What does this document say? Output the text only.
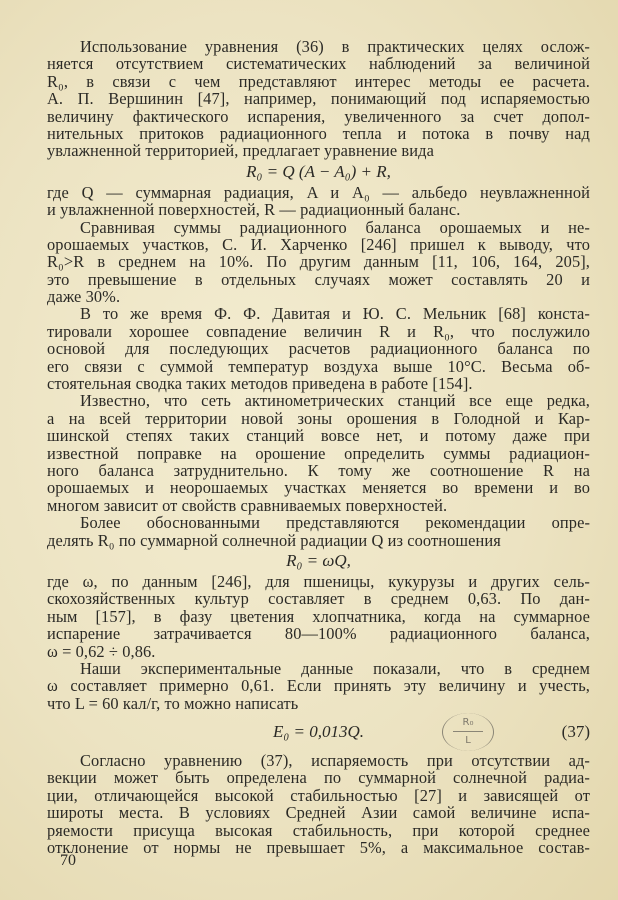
Использование уравнения (36) в практических целях ослож-
няется отсутствием систематических наблюдений за величиной
R₀, в связи с чем представляют интерес методы ее расчета.
А. П. Вершинин [47], например, понимающий под испаряемостью
величину фактического испарения, увеличенного за счет допол-
нительных притоков радиационного тепла и потока в почву над
увлажненной территорией, предлагает уравнение вида
R₀ = Q (A − A₀) + R,
где Q — суммарная радиация, A и A₀ — альбедо неувлажненной
и увлажненной поверхностей, R — радиационный баланс.
Сравнивая суммы радиационного баланса орошаемых и не-
орошаемых участков, С. И. Харченко [246] пришел к выводу, что
R₀>R в среднем на 10%. По другим данным [11, 106, 164, 205],
это превышение в отдельных случаях может составлять 20 и
даже 30%.
В то же время Ф. Ф. Давитая и Ю. С. Мельник [68] конста-
тировали хорошее совпадение величин R и R₀, что послужило
основой для последующих расчетов радиационного баланса по
его связи с суммой температур воздуха выше 10°С. Весьма об-
стоятельная сводка таких методов приведена в работе [154].
Известно, что сеть актинометрических станций все еще редка,
а на всей территории новой зоны орошения в Голодной и Кар-
шинской степях таких станций вовсе нет, и потому даже при
известной поправке на орошение определить суммы радиацион-
ного баланса затруднительно. К тому же соотношение R на
орошаемых и неорошаемых участках меняется во времени и во
многом зависит от свойств сравниваемых поверхностей.
Более обоснованными представляются рекомендации опре-
делять R₀ по суммарной солнечной радиации Q из соотношения
R₀ = ωQ,
где ω, по данным [246], для пшеницы, кукурузы и других сель-
скохозяйственных культур составляет в среднем 0,63. По дан-
ным [157], в фазу цветения хлопчатника, когда на суммарное
испарение затрачивается 80—100% радиационного баланса,
ω = 0,62 ÷ 0,86.
Наши экспериментальные данные показали, что в среднем
ω составляет примерно 0,61. Если принять эту величину и учесть,
что L = 60 кал/г, то можно написать
E₀ = 0,013Q.	$\frac{\text{R₀}}{L}$	(37)
Согласно уравнению (37), испаряемость при отсутствии ад-
векции может быть определена по суммарной солнечной радиа-
ции, отличающейся высокой стабильностью [27] и зависящей от
широты места. В условиях Средней Азии самой величине испа-
ряемости присуща высокая стабильность, при которой среднее
отклонение от нормы не превышает 5%, а максимальное состав-
70
